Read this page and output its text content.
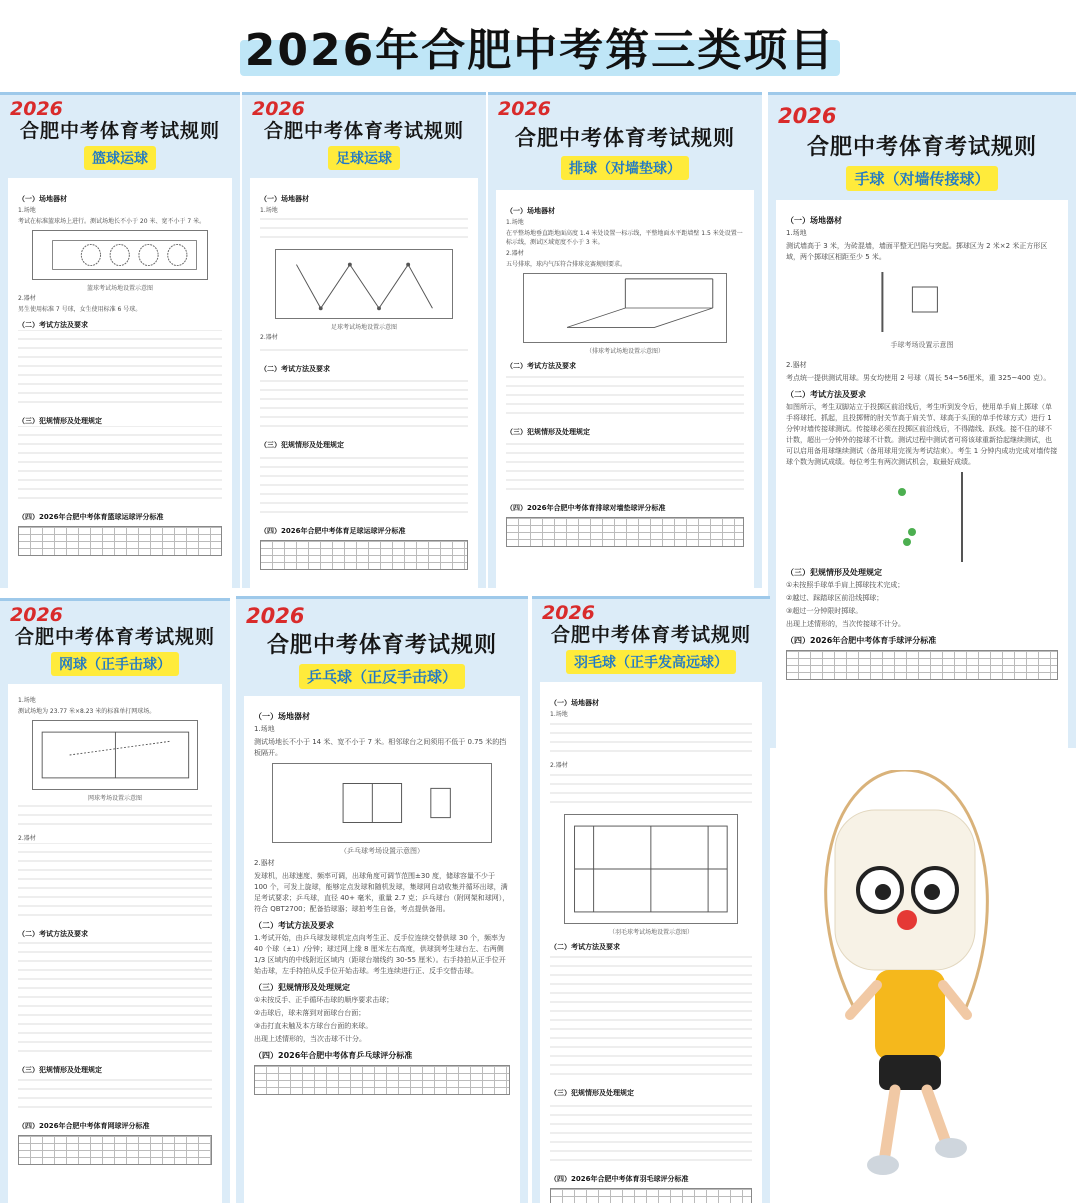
2026年合肥中考第三类项目
2026
合肥中考体育考试规则
篮球运球
（一）场地器材
1.场地
考试在标准篮球场上进行。测试场地长不小于 20 米、宽不小于 7 米。
篮球考试场地设置示意图
2.器材
男生使用标准 7 号球，女生使用标准 6 号球。
（二）考试方法及要求
（三）犯规情形及处理规定
（四）2026年合肥中考体育篮球运球评分标准
2026
合肥中考体育考试规则
足球运球
（一）场地器材
1.场地
足球考试场地设置示意图
2.器材
（二）考试方法及要求
（三）犯规情形及处理规定
（四）2026年合肥中考体育足球运球评分标准
2026
合肥中考体育考试规则
排球（对墙垫球）
（一）场地器材
1.场地
在平整场地垂直距地面高度 1.4 米处设置一标示线，平整地面水平距墙壁 1.5 米处设置一标示线，测试区域宽度不小于 3 米。
2.器材
五号排球，球内气压符合排球竞赛规则要求。
（排球考试场地设置示意图）
（二）考试方法及要求
（三）犯规情形及处理规定
（四）2026年合肥中考体育排球对墙垫球评分标准
2026
合肥中考体育考试规则
手球（对墙传接球）
（一）场地器材
1.场地
测试墙高于 3 米，为砖混墙，墙面平整无凹陷与突起。掷球区为 2 米×2 米正方形区域，两个掷球区相距至少 5 米。
手球考场设置示意图
2.器材
考点统一提供测试用球。男女均使用 2 号球（周长 54~56厘米，重 325~400 克）。
（二）考试方法及要求
如图所示，考生双脚站立于投掷区前沿线后，考生听到发令后，使用单手肩上掷球（单手将球托、抓起，且投掷臂的肘关节高于肩关节、球高于头顶的单手传球方式）进行 1 分钟对墙传接球测试。传接球必须在投掷区前沿线后，不得踏线、跃线。接不住的球不计数，超出一分钟外的接球不计数。测试过程中测试者可将该球重新拾起继续测试，也可以启用备用球继续测试（备用球用完视为考试结束）。考生 1 分钟内成功完成对墙传接球个数为测试成绩。每位考生有两次测试机会，取最好成绩。
（三）犯规情形及处理规定
①未按照手球单手肩上掷球技术完成；
②越过、踩踏球区前沿线掷球；
③超过一分钟限时掷球。
出现上述情形的，当次传接球不计分。
（四）2026年合肥中考体育手球评分标准
2026
合肥中考体育考试规则
网球（正手击球）
1.场地
测试场地为 23.77 米×8.23 米的标准单打网球场。
网球考场设置示意图
2.器材
（二）考试方法及要求
（三）犯规情形及处理规定
（四）2026年合肥中考体育网球评分标准
2026
合肥中考体育考试规则
乒乓球（正反手击球）
（一）场地器材
1.场地
测试场地长不小于 14 米、宽不小于 7 米。相邻球台之间须用不低于 0.75 米的挡板隔开。
（乒乓球考场设置示意图）
2.器材
发球机，出球速度、频率可调，出球角度可调节范围±30 度，储球容量不少于 100 个，可发上旋球，能够定点发球和随机发球，集球网自动收集并循环出球，满足考试要求；乒乓球，直径 40+ 毫米，重量 2.7 克；乒乓球台（附网架和球网），符合 QBT2700；配备拾球器；球拍考生自备，考点提供备用。
（二）考试方法及要求
1.考试开始，由乒乓球发球机定点向考生正、反手位连续交替供球 30 个，频率为 40 个球（±1）/分钟；球过网上缘 8 厘米左右高度，供球到考生球台左、右两侧 1/3 区域内的中线附近区域内（距球台端线约 30-55 厘米）。右手持拍从正手位开始击球，左手持拍从反手位开始击球。考生连续进行正、反手交替击球。
（三）犯规情形及处理规定
①未按反手、正手循环击球的顺序要求击球；
②击球后，球未落到对面球台台面；
③击打直未触及本方球台台面的来球。
出现上述情形的，当次击球不计分。
（四）2026年合肥中考体育乒乓球评分标准
2026
合肥中考体育考试规则
羽毛球（正手发高远球）
（一）场地器材
1.场地
2.器材
（羽毛球考试场地设置示意图）
（二）考试方法及要求
（三）犯规情形及处理规定
（四）2026年合肥中考体育羽毛球评分标准
